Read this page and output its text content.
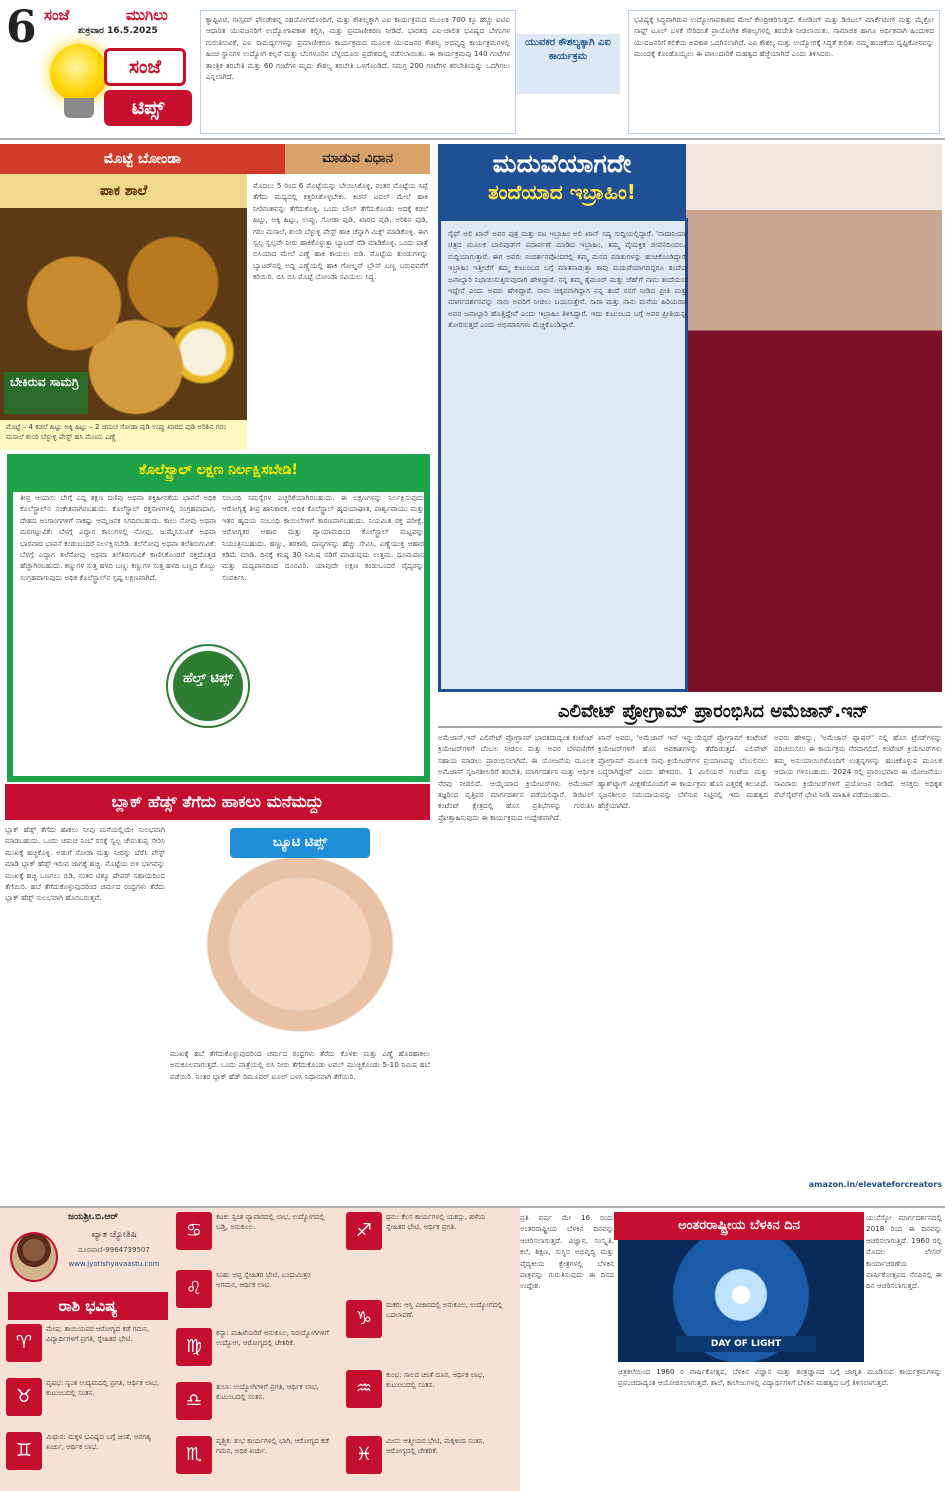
6 ಸಂಜೆ	ಮುಗಿಲು
ಶುಕ್ರವಾರ 16.5.2025
ಸಂಜೆ
ಟಿಪ್ಸ್
ಕ್ಯಾಪ್ಟಿವಿಟಿ, ಸಾಸ್ಸಮ್ ಫೌಂಡೇಶನ್ನ ಸಹಯೋಗದೊಂದಿಗೆ, ಮತ್ತು ಕೌಶಲ್ಯಕ್ಕಾಗಿ ಎಐ ಕಾರ್ಯಕ್ರಮದ ಮೂಲಕ 700 ಕ್ಕೂ ಹೆಚ್ಚು ಐಟಿಐ ಆಧಾರಿತ ಯುವಜನರಿಗೆ ಉದ್ಯೋಗಾವಕಾಶ ಕಲ್ಪಿಸಿ, ಮತ್ತು ಪ್ರಮಾಣೀಕರಣ ನೀಡಿದೆ. ಭಾರತದ ಎಐ-ಚಾಲಿತ ಭವಿಷ್ಯದ ಬೇಗುಗಳ ಗುರುತಿಸುವಿಕೆ, ಎಐ ಸಾಮರ್ಥ್ಯಗಳನ್ನು ಪ್ರಮಾಣೀಕರಣ ಕಾರ್ಯಕ್ರಮದ ಮೂಲಕ ಯುವಜನರ ಕೌಶಲ್ಯ ಅಭಿವೃದ್ಧಿ ಕಾರ್ಯಕ್ರಮಗಳಲ್ಲಿ ಹಿಂಚ ಸ್ಥಾನಗಳ ಉದ್ಯೋಗ ಕಲ್ಪನೆ ಮತ್ತು ಬೆಂಗಳೂರಿನ ಬೆಳ್ಳಂದೂರು ಪ್ರದೇಶದಲ್ಲಿ ನಡೆಸಲಾಯಿತು. ಈ ಕಾರ್ಯಕ್ರಮವು 140 ಗಂಟೆಗಳ ತಾಂತ್ರಿಕ ತರಬೇತಿ ಮತ್ತು 60 ಗಂಟೆಗಳ ಮೃದು ಕೌಶಲ್ಯ ತರಬೇತಿ ಒಳಗೊಂಡಿದೆ. ಸಮಗ್ರ 200 ಗಂಟೆಗಳ ತರಬೇತಿಯನ್ನು ಒದಗಿಸಲು ಎನ್ನಲಾಗಿದೆ.
ಯುವಕರ ಕೌಶಲ್ಯಕ್ಕಾಗಿ ಎಐ ಕಾರ್ಯಕ್ರಮ
ಭವಿಷ್ಯಕ್ಕೆ ಸಿದ್ಧವಾಗಿರುವ ಉದ್ಯೋಗಾವಕಾಶದ ಮೇಲೆ ಕೇಂದ್ರೀಕರಿಸುತ್ತದೆ. ಕೋಡಿಂಗ್ ಮತ್ತು ಡಿಜಿಟಲ್ ಮಾರ್ಕೆಟಿಂಗ್ ಮತ್ತು ಮೈಕ್ರೋ ಸಾಫ್ಟ್ ಟೂಲ್ ಬಳಕೆ ಸೇರಿದಂತೆ ಪ್ರಾಯೋಗಿಕ ಕೌಶಲ್ಯಗಳಲ್ಲಿ ತರಬೇತಿ ನೀಡಲಾಯಿತು. ಸಾಮಾಜಿಕ ಹಾಗೂ ಆರ್ಥಿಕವಾಗಿ ಹಿಂದುಳಿದ ಯುವಜನರಿಗೆ ಕಲಿಕೆಯ ಅವಕಾಶ ಒದಗಿಸಲಾಗಿದೆ. ಎಐ ಕೌಶಲ್ಯ ಮತ್ತು ಉದ್ಯೋಗಕ್ಕೆ ಸಿದ್ಧತೆ ಕುರಿತು ನಮ್ಮ ಹಂಚಿಕೆಯ ದೃಷ್ಟಿಕೋನವನ್ನು ಮುಂದಕ್ಕೆ ಕೊಂಡೊಯ್ಯಲು ಈ ಪಾಲುದಾರಿಕೆ ಮಹತ್ವದ ಹೆಜ್ಜೆಯಾಗಿದೆ ಎಂದು ತಿಳಿಸಿದರು.
ಮೊಟ್ಟೆ ಬೋಂಡಾ	ಮಾಡುವ ವಿಧಾನ
ಪಾಕ ಶಾಲೆ
ಬೇಕಿರುವ ಸಾಮಗ್ರಿ
ಮೊಟ್ಟೆ – 4 ಕಡಲೆ ಹಿಟ್ಟು ಅಕ್ಕಿ ಹಿಟ್ಟು – 2 ಚಮಚ ಸೋಡಾ ಪುಡಿ ಉಪ್ಪು ಖಾರದ ಪುಡಿ ಅರಿಶಿನ ಗರಂ ಮಸಾಲೆ ಶುಂಠಿ ಬೆಳ್ಳುಳ್ಳಿ ಪೇಸ್ಟ್ ಹಸಿ ಮೆಣಸು ಎಣ್ಣೆ
ಮೊದಲು 5 ರಿಂದ 6 ಮೊಟ್ಟೆಯನ್ನು ಬೇಯಿಸಿಕೊಳ್ಳಿ, ನಂತರ ಮೊಟ್ಟೆಯ ಸಿಪ್ಪೆ ತೆಗೆದು ಮಧ್ಯದಲ್ಲಿ ಕತ್ತರಿಸಿಕೊಳ್ಳಬೇಕು. ಕಿಚನ್ ಟವಲ್ ಮೇಲೆ ಹಾಕಿ ನೀರಿನಂಶವನ್ನು ತೆಗೆದುಕೊಳ್ಳಿ. ಒಂದು ಬೌಲ್ ತೆಗೆದುಕೊಂಡು ಅದಕ್ಕೆ ಕಡಲೆ ಹಿಟ್ಟು, ಅಕ್ಕಿ ಹಿಟ್ಟು, ಉಪ್ಪು, ಸೋಡಾ ಪುಡಿ, ಖಾರದ ಪುಡಿ, ಅರಿಶಿನ ಪುಡಿ, ಗರಂ ಮಸಾಲೆ, ಶುಂಠಿ ಬೆಳ್ಳುಳ್ಳಿ ಪೇಸ್ಟ್ ಹಾಕಿ ಚೆನ್ನಾಗಿ ಮಿಕ್ಸ್ ಮಾಡಿಕೊಳ್ಳಿ. ಈಗ ಸ್ವಲ್ಪ ಸ್ವಲ್ಪವೇ ನೀರು ಹಾಕಿಕೊಳ್ಳುತ್ತಾ ಬ್ಯಾಟರ್ ರೆಡಿ ಮಾಡಿಕೊಳ್ಳಿ. ಒಂದು ಪಾತ್ರೆ ಬಿಸಿಯಾದ ಮೇಲೆ ಎಣ್ಣೆ ಹಾಕಿ ಕಾಯಲು ಬಿಡಿ. ಮೊಟ್ಟೆಯ ತುಂಡುಗಳನ್ನು ಬ್ಯಾಟರ್‌ನಲ್ಲಿ ಅದ್ದಿ ಎಣ್ಣೆಯಲ್ಲಿ ಹಾಕಿ ಗೋಲ್ಡನ್ ಬ್ರೌನ್ ಬಣ್ಣ ಬರುವವರೆಗೆ ಕರಿಯಿರಿ. ಬಿಸಿ ಬಿಸಿ ಮೊಟ್ಟೆ ಬೋಂಡಾ ಸವಿಯಲು ಸಿದ್ಧ.
ಕೊಲೆಸ್ಟ್ರಾಲ್ ಲಕ್ಷಣ ನಿರ್ಲಕ್ಷಿಸಬೇಡಿ!
ತೀವ್ರ ಆಯಾಸ: ಬೇಗ್ಗೆ ಎದ್ದ ತಕ್ಷಣ ದಣಿವು ಅಥವಾ ಶಕ್ತಿಹೀನತೆಯ ಭಾವನೆ ಅಧಿಕ ಕೊಲೆಸ್ಟ್ರಾಲ್‌ನ ಸಂಕೇತವಾಗಿರಬಹುದು. ಕೊಲೆಸ್ಟ್ರಾಲ್ ರಕ್ತನಾಳಗಳಲ್ಲಿ ಸಂಗ್ರಹವಾದಾಗ, ದೇಹದ ಅಂಗಾಂಗಗಳಿಗೆ ಸಾಕಷ್ಟು ಆಮ್ಲಜನಕ ಸಿಗದಿರಬಹುದು. ಕಾಲು ನೋವು ಅಥವಾ ಮರಗಟ್ಟುವಿಕೆ: ಬೆಳಗ್ಗೆ ಎದ್ದಾಗ ಕಾಲುಗಳಲ್ಲಿ ನೋವು, ಜುಮ್ಮೆನಿಸುವಿಕೆ ಅಥವಾ ಭಾರವಾದ ಭಾವನೆ ಕಂಡುಬಂದರೆ ನಿರ್ಲಕ್ಷಿಸಬೇಡಿ. ತಲೆನೋವು ಅಥವಾ ತಲೆತಿರುಗುವಿಕೆ: ಬೆಳಗ್ಗೆ ಎದ್ದಾಗ ತಲೆನೋವು ಅಥವಾ ತಲೆತಿರುಗುವಿಕೆ ಕಾಣಿಸಿಕೊಂಡರೆ ರಕ್ತದೊತ್ತಡ ಹೆಚ್ಚಾಗಿರಬಹುದು. ಕಣ್ಣುಗಳ ಸುತ್ತ ಹಳದಿ ಬಣ್ಣ: ಕಣ್ಣುಗಳ ಸುತ್ತ ಹಳದಿ ಬಣ್ಣದ ಕೊಬ್ಬು ಸಂಗ್ರಹವಾಗುವುದು ಅಧಿಕ ಕೊಲೆಸ್ಟ್ರಾಲ್‌ನ ಸ್ಪಷ್ಟ ಲಕ್ಷಣವಾಗಿದೆ.
ಸಂಬಂಧಿ ಸಮಸ್ಯೆಗಳ ಎಚ್ಚರಿಕೆಯಾಗಿರಬಹುದು. ಈ ಲಕ್ಷಣಗಳನ್ನು ನಿರ್ಲಕ್ಷಿಸುವುದು ಆರೋಗ್ಯಕ್ಕೆ ತೀವ್ರ ಹಾನಿಕಾರಕ. ಅಧಿಕ ಕೊಲೆಸ್ಟ್ರಾಲ್ ಹೃದಯಾಘಾತ, ಪಾರ್ಶ್ವವಾಯು ಮತ್ತು ಇತರ ಹೃದಯ ಸಂಬಂಧಿ ಕಾಯಿಲೆಗಳಿಗೆ ಕಾರಣವಾಗಬಹುದು. ನಿಯಮಿತ ರಕ್ತ ಪರೀಕ್ಷೆ, ಆರೋಗ್ಯಕರ ಆಹಾರ ಮತ್ತು ವ್ಯಾಯಾಮದಿಂದ ಕೊಲೆಸ್ಟ್ರಾಲ್ ಮಟ್ಟವನ್ನು ನಿಯಂತ್ರಿಸಬಹುದು. ಹಣ್ಣು, ತರಕಾರಿ, ಧಾನ್ಯಗಳನ್ನು ಹೆಚ್ಚು ಸೇವಿಸಿ, ಎಣ್ಣೆಯುಕ್ತ ಆಹಾರ ಕಡಿಮೆ ಮಾಡಿ. ದಿನಕ್ಕೆ ಕನಿಷ್ಠ 30 ನಿಮಿಷ ನಡಿಗೆ ಮಾಡುವುದು ಉತ್ತಮ. ಧೂಮಪಾನ ಮತ್ತು ಮದ್ಯಪಾನದಿಂದ ದೂರವಿರಿ. ಯಾವುದೇ ಲಕ್ಷಣ ಕಂಡುಬಂದರೆ ವೈದ್ಯರನ್ನು ಸಂಪರ್ಕಿಸಿ.
ಹೆಲ್ತ್ ಟಿಪ್ಸ್
ಬ್ಲಾಕ್ ಹೆಡ್ಸ್ ತೆಗೆದು ಹಾಕಲು ಮನೆಮದ್ದು
ಬ್ಲಾಕ್ ಹೆಡ್ಸ್ ತೆಗೆದು ಹಾಕಲು ನೀವು ಮನೆಯಲ್ಲಿಯೇ ಸುಲಭವಾಗಿ ಮಾಡಬಹುದು. ಒಂದು ಚಮಚ ನಿಂಬೆ ರಸಕ್ಕೆ ಸ್ವಲ್ಪ ಜೇನುತುಪ್ಪ ಸೇರಿಸಿ ಮುಖಕ್ಕೆ ಹಚ್ಚಿಕೊಳ್ಳಿ. ಅಡುಗೆ ಸೋಡಾ ಮತ್ತು ನೀರನ್ನು ಬೆರೆಸಿ ಪೇಸ್ಟ್ ಮಾಡಿ ಬ್ಲಾಕ್ ಹೆಡ್ಸ್ ಇರುವ ಜಾಗಕ್ಕೆ ಹಚ್ಚಿ. ಮೊಟ್ಟೆಯ ಬಿಳಿ ಭಾಗವನ್ನು ಮುಖಕ್ಕೆ ಹಚ್ಚಿ ಒಣಗಲು ಬಿಡಿ, ನಂತರ ಟಿಶ್ಯೂ ಪೇಪರ್ ಸಹಾಯದಿಂದ ತೆಗೆಯಿರಿ. ಹಬೆ ತೆಗೆದುಕೊಳ್ಳುವುದರಿಂದ ಚರ್ಮದ ರಂಧ್ರಗಳು ತೆರೆದು ಬ್ಲಾಕ್ ಹೆಡ್ಸ್ ಸುಲಭವಾಗಿ ಹೊರಬರುತ್ತವೆ.
ಬ್ಯೂಟಿ ಟಿಪ್ಸ್
ಮುಖಕ್ಕೆ ಹಬೆ ತೆಗೆದುಕೊಳ್ಳುವುದರಿಂದ ಚರ್ಮದ ರಂಧ್ರಗಳು ತೆರೆದು ಕೊಳಕು ಮತ್ತು ಎಣ್ಣೆ ಹೊರಹಾಕಲು ಅನುಕೂಲವಾಗುತ್ತದೆ. ಒಂದು ಪಾತ್ರೆಯಲ್ಲಿ ಬಿಸಿ ನೀರು ತೆಗೆದುಕೊಂಡು ಟವಲ್ ಮುಚ್ಚಿಕೊಂಡು 5-10 ನಿಮಿಷ ಹಬೆ ಪಡೆಯಿರಿ. ನಂತರ ಬ್ಲಾಕ್ ಹೆಡ್ ರಿಮೂವರ್ ಟೂಲ್ ಬಳಸಿ ನಿಧಾನವಾಗಿ ತೆಗೆಯಿರಿ.
ಮದುವೆಯಾಗದೇ
ತಂದೆಯಾದ ಇಬ್ರಾಹಿಂ!
ಸೈಫ್ ಅಲಿ ಖಾನ್ ಅವರ ಪುತ್ರ ಮತ್ತು ನಟ ಇಬ್ರಾಹಿಂ ಅಲಿ ಖಾನ್ ಸದ್ಯ ಸುದ್ದಿಯಲ್ಲಿದ್ದಾರೆ. 'ನಾದಾನಿಯಾ' ಚಿತ್ರದ ಮೂಲಕ ಬಾಲಿವುಡ್‌ಗೆ ಪದಾರ್ಪಣೆ ಮಾಡಿದ ಇಬ್ರಾಹಿಂ, ತಮ್ಮ ವೈಯಕ್ತಿಕ ಜೀವನದಿಂದಲೂ ಸುದ್ದಿಯಾಗುತ್ತಾರೆ. ಈಗ ಅವರು ಸಂದರ್ಶನವೊಂದರಲ್ಲಿ ತಮ್ಮ ಮನದ ಮಾತುಗಳನ್ನು ಹಂಚಿಕೊಂಡಿದ್ದಾರೆ. ಇಬ್ರಾಹಿಂ ಇತ್ತೀಚೆಗೆ ತಮ್ಮ ಕುಟುಂಬದ ಬಗ್ಗೆ ಮಾತನಾಡುತ್ತಾ ತಾವು ಮದುವೆಯಾಗದಿದ್ದರೂ ತಂದೆಯ ಜವಾಬ್ದಾರಿ ನಿಭಾಯಿಸುತ್ತಿರುವುದಾಗಿ ಹೇಳಿದ್ದಾರೆ. ನನ್ನ ತಮ್ಮ ತೈಮೂರ್ ಮತ್ತು ಜೆಹ್‌ಗೆ ನಾನು ತಂದೆಯಂತೆ ಇದ್ದೇನೆ ಎಂದು ಅವರು ಹೇಳಿದ್ದಾರೆ. ನಾನು ಚಿಕ್ಕವನಾಗಿದ್ದಾಗ ನನ್ನ ತಂದೆ ನನಗೆ ನೀಡಿದ ಪ್ರೀತಿ ಮತ್ತು ಮಾರ್ಗದರ್ಶನವನ್ನು ನಾನು ಅವರಿಗೆ ನೀಡಲು ಬಯಸುತ್ತೇನೆ. ಸಾರಾ ಮತ್ತು ನಾನು ಮನೆಯ ಹಿರಿಯರಾಗಿ ಅವರ ಜವಾಬ್ದಾರಿ ಹೊತ್ತಿದ್ದೇವೆ ಎಂದು ಇಬ್ರಾಹಿಂ ತಿಳಿಸಿದ್ದಾರೆ. ಇದು ಕುಟುಂಬದ ಬಗ್ಗೆ ಅವರ ಪ್ರೀತಿಯನ್ನು ತೋರಿಸುತ್ತದೆ ಎಂದು ಅಭಿಮಾನಿಗಳು ಮೆಚ್ಚಿಕೊಂಡಿದ್ದಾರೆ.
ಎಲಿವೇಟ್ ಪ್ರೋಗ್ರಾಮ್ ಪ್ರಾರಂಭಿಸಿದ ಅಮೆಜಾನ್.ಇನ್
ಅಮೆಜಾನ್.ಇನ್ ಎಲಿವೇಟ್ ಪ್ರೋಗ್ರಾಮ್ ಭಾರತದಾದ್ಯಂತ ಕಂಟೆಂಟ್ ಕ್ರಿಯೇಟರ್‌ಗಳಿಗೆ ಬೆಂಬಲ ನೀಡಲು ಮತ್ತು ಅವರ ಬೆಳವಣಿಗೆಗೆ ಸಹಾಯ ಮಾಡಲು ಪ್ರಾರಂಭಿಸಲಾಗಿದೆ. ಈ ಯೋಜನೆಯ ಮೂಲಕ ಅಮೆಜಾನ್ ಸೃಜನಶೀಲರಿಗೆ ತರಬೇತಿ, ಮಾರ್ಗದರ್ಶನ ಮತ್ತು ಆರ್ಥಿಕ ನೆರವು ನೀಡಲಿದೆ. ಆಯ್ಕೆಯಾದ ಕ್ರಿಯೇಟರ್‌ಗಳು ಅಮೆಜಾನ್ ತಜ್ಞರಿಂದ ವೃತ್ತಿಪರ ಮಾರ್ಗದರ್ಶನ ಪಡೆಯಲಿದ್ದಾರೆ. ಡಿಜಿಟಲ್ ಕಂಟೆಂಟ್ ಕ್ಷೇತ್ರದಲ್ಲಿ ಹೊಸ ಪ್ರತಿಭೆಗಳನ್ನು ಗುರುತಿಸಿ ಪ್ರೋತ್ಸಾಹಿಸುವುದು ಈ ಕಾರ್ಯಕ್ರಮದ ಉದ್ದೇಶವಾಗಿದೆ.
ಖಾನ್ ಅವರು, 'ಅಮೆಜಾನ್ ಇನ್ ಇನ್ಫ್ಲುಯೆನ್ಸರ್ ಪ್ರೋಗ್ರಾಮ್ ಕಂಟೆಂಟ್ ಕ್ರಿಯೇಟರ್‌ಗಳಿಗೆ ಹೊಸ ಅವಕಾಶಗಳನ್ನು ತೆರೆದಿಡುತ್ತದೆ. ಎಲಿವೇಟ್ ಪ್ರೋಗ್ರಾಮ್ ಮೂಲಕ ನಾವು ಕ್ರಿಯೇಟರ್‌ಗಳ ಪ್ರಯಾಣವನ್ನು ಬೆಂಬಲಿಸಲು ಬದ್ಧರಾಗಿದ್ದೇವೆ' ಎಂದು ಹೇಳಿದರು. 1 ಮಿಲಿಯನ್ ಗಂಟೆಯ ಮತ್ತು ಹ್ಯಾಶ್‌ಟ್ಯಾಗ್ ವೀಕ್ಷಣೆಯೊಂದಿಗೆ ಈ ಕಾರ್ಯಕ್ರಮ ಹೊಸ ಎತ್ತರಕ್ಕೆ ತಲುಪಿದೆ. ಸೃಜನಶೀಲರ ಸಮುದಾಯವನ್ನು ಬೆಳೆಸುವ ನಿಟ್ಟಿನಲ್ಲಿ ಇದು ಮಹತ್ವದ ಹೆಜ್ಜೆಯಾಗಿದೆ.
ಅವರು ಹೇಳಿದ್ದು, 'ಅಮೆಜಾನ್ ಫ್ಯಾಷನ್' ನಲ್ಲಿ ಹೊಸ ಟ್ರೆಂಡ್‌ಗಳನ್ನು ಪರಿಚಯಿಸಲು ಈ ಕಾರ್ಯಕ್ರಮ ನೆರವಾಗಲಿದೆ. ಕಂಟೆಂಟ್ ಕ್ರಿಯೇಟರ್‌ಗಳು ತಮ್ಮ ಅನುಯಾಯಿಗಳೊಂದಿಗೆ ಉತ್ಪನ್ನಗಳನ್ನು ಹಂಚಿಕೊಳ್ಳುವ ಮೂಲಕ ಆದಾಯ ಗಳಿಸಬಹುದು. 2024 ರಲ್ಲಿ ಪ್ರಾರಂಭವಾದ ಈ ಯೋಜನೆಯು ಸಾವಿರಾರು ಕ್ರಿಯೇಟರ್‌ಗಳಿಗೆ ಪ್ರಯೋಜನ ನೀಡಿದೆ. ಆಸಕ್ತರು ಅಧಿಕೃತ ವೆಬ್‌ಸೈಟ್‌ಗೆ ಭೇಟಿ ನೀಡಿ ಮಾಹಿತಿ ಪಡೆಯಬಹುದು.
amazon.in/elevateforcreators
ಜಯಶ್ರೀ.ಬಿ.ಆರ್
ಖ್ಯಾತ ಜ್ಯೋತಿಷಿ
ದೂರವಾಣಿ-9964739507
www.jyotishyavaastu.com
ರಾಶಿ ಭವಿಷ್ಯ
♈
ಮೇಷ: ತಾಯಿಯವರ ಆರೋಗ್ಯದ ಕಡೆ ಗಮನ, ವಿದ್ಯಾರ್ಥಿಗಳಿಗೆ ಪ್ರಗತಿ, ಸ್ನೇಹಿತರ ಭೇಟಿ.
♉
ವೃಷಭ: ಸ್ವಂತ ಉದ್ಯಮದಲ್ಲಿ ಪ್ರಗತಿ, ಆರ್ಥಿಕ ಲಾಭ, ಕುಟುಂಬದಲ್ಲಿ ಸಂತಸ.
♊
ಮಿಥುನ: ಮಕ್ಕಳ ಭವಿಷ್ಯದ ಬಗ್ಗೆ ಚಿಂತೆ, ಅನಗತ್ಯ ಖರ್ಚು, ಆರ್ಥಿಕ ಲಾಭ.
♋
ಕಟಕ: ಸ್ವಂತ ವ್ಯಾಪಾರದಲ್ಲಿ ಲಾಭ, ಉದ್ಯೋಗದಲ್ಲಿ ಬಡ್ತಿ, ಅನುಕೂಲ.
♌
ಸಿಂಹ: ಆಪ್ತ ಸ್ನೇಹಿತರ ಭೇಟಿ, ಬಂಧುಮಿತ್ರರ ಆಗಮನ, ಆರ್ಥಿಕ ಲಾಭ.
♍
ಕನ್ಯಾ: ಮಹಿಳೆಯರಿಗೆ ಅನುಕೂಲ, ನಿರುದ್ಯೋಗಿಗಳಿಗೆ ಉದ್ಯೋಗ, ಆರೋಗ್ಯದಲ್ಲಿ ಚೇತರಿಕೆ.
♎
ತುಲಾ: ಉದ್ಯೋಗಿಗಳಿಗೆ ಪ್ರಗತಿ, ಆರ್ಥಿಕ ಲಾಭ, ಕುಟುಂಬದಲ್ಲಿ ಸಂತಸ.
♏
ವೃಶ್ಚಿಕ: ಶುಭ ಕಾರ್ಯಗಳಲ್ಲಿ ಭಾಗಿ, ಆರೋಗ್ಯದ ಕಡೆ ಗಮನ, ಅಧಿಕ ಖರ್ಚು.
♐
ಧನು: ಕೆಲಸ ಕಾರ್ಯಗಳಲ್ಲಿ ಯಶಸ್ಸು, ಹಳೆಯ ಸ್ನೇಹಿತರ ಭೇಟಿ, ಆರ್ಥಿಕ ಪ್ರಗತಿ.
♑
ಮಕರ: ಆಸ್ತಿ ವಿಚಾರದಲ್ಲಿ ಅನುಕೂಲ, ಉದ್ಯೋಗದಲ್ಲಿ ಬದಲಾವಣೆ.
♒
ಕುಂಭ: ಸಾಲದ ಚಿಂತೆ ದೂರ, ಆರ್ಥಿಕ ಲಾಭ, ಕುಟುಂಬದಲ್ಲಿ ಸಂತಸ.
♓
ಮೀನ: ಆತ್ಮೀಯರ ಭೇಟಿ, ಮಕ್ಕಳಿಂದ ಸಂತಸ, ಆರೋಗ್ಯದಲ್ಲಿ ಚೇತರಿಕೆ.
ಪ್ರತಿ ವರ್ಷ ಮೇ 16 ರಂದು ಅಂತರರಾಷ್ಟ್ರೀಯ ಬೆಳಕಿನ ದಿನವನ್ನು ಆಚರಿಸಲಾಗುತ್ತದೆ. ವಿಜ್ಞಾನ, ಸಂಸ್ಕೃತಿ, ಕಲೆ, ಶಿಕ್ಷಣ, ಸುಸ್ಥಿರ ಅಭಿವೃದ್ಧಿ ಮತ್ತು ವೈದ್ಯಕೀಯ ಕ್ಷೇತ್ರಗಳಲ್ಲಿ ಬೆಳಕಿನ ಪಾತ್ರವನ್ನು ಗುರುತಿಸುವುದು ಈ ದಿನದ ಉದ್ದೇಶ.
ಅಂತರರಾಷ್ಟ್ರೀಯ ಬೆಳಕಿನ ದಿನ
DAY OF LIGHT
ಯುನೆಸ್ಕೋ ಮಾರ್ಗದರ್ಶನದಲ್ಲಿ 2018 ರಿಂದ ಈ ದಿನವನ್ನು ಆಚರಿಸಲಾಗುತ್ತಿದೆ. 1960 ರಲ್ಲಿ ಮೊದಲ ಲೇಸರ್ ಕಾರ್ಯಾಚರಣೆಯ ವಾರ್ಷಿಕೋತ್ಸವದ ನೆನಪಿನಲ್ಲಿ ಈ ದಿನ ಆಚರಿಸಲಾಗುತ್ತದೆ.
ಚಿತ್ರಕಲೆಯಿಂದ 1960 ರ ವಾರ್ಷಿಕೋತ್ಸವ, ಬೆಳಕಿನ ವಿಜ್ಞಾನ ಮತ್ತು ತಂತ್ರಜ್ಞಾನದ ಬಗ್ಗೆ ಜಾಗೃತಿ ಮೂಡಿಸುವ ಕಾರ್ಯಕ್ರಮಗಳನ್ನು ಪ್ರಪಂಚದಾದ್ಯಂತ ಆಯೋಜಿಸಲಾಗುತ್ತದೆ. ಶಾಲೆ, ಕಾಲೇಜುಗಳಲ್ಲಿ ವಿದ್ಯಾರ್ಥಿಗಳಿಗೆ ಬೆಳಕಿನ ಮಹತ್ವದ ಬಗ್ಗೆ ತಿಳಿಸಲಾಗುತ್ತದೆ.
